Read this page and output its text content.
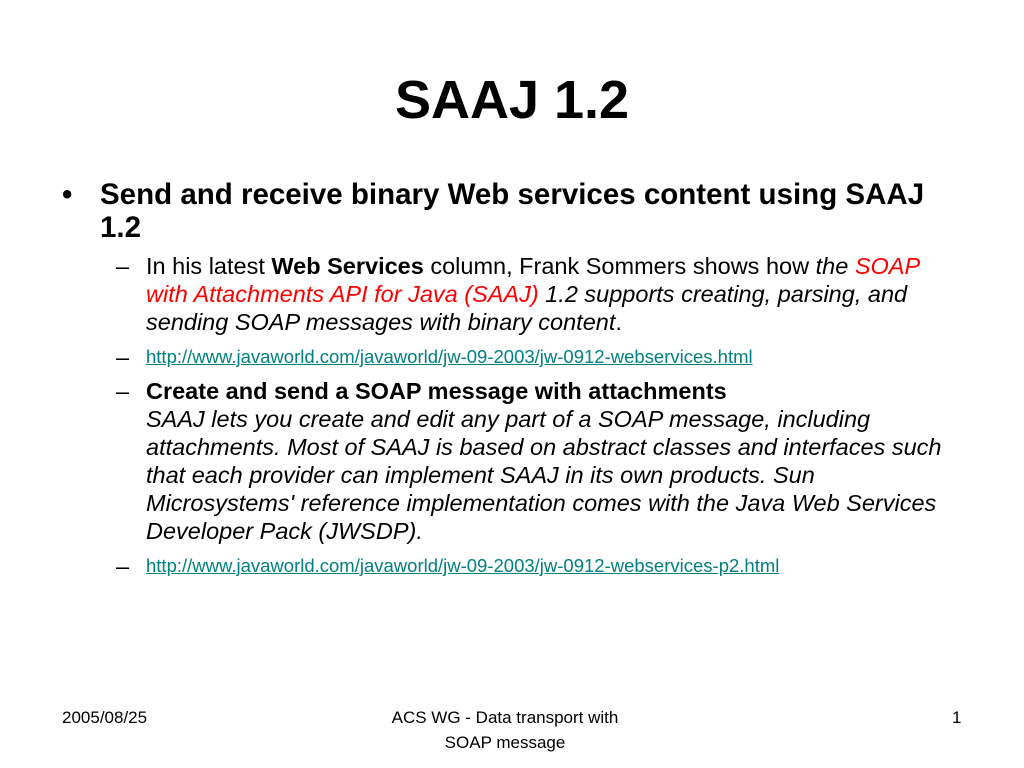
SAAJ 1.2
• Send and receive binary Web services content using SAAJ 1.2
– In his latest Web Services column, Frank Sommers shows how the SOAP with Attachments API for Java (SAAJ) 1.2 supports creating, parsing, and sending SOAP messages with binary content.
– http://www.javaworld.com/javaworld/jw-09-2003/jw-0912-webservices.html
– Create and send a SOAP message with attachments
SAAJ lets you create and edit any part of a SOAP message, including attachments. Most of SAAJ is based on abstract classes and interfaces such that each provider can implement SAAJ in its own products. Sun Microsystems' reference implementation comes with the Java Web Services Developer Pack (JWSDP).
– http://www.javaworld.com/javaworld/jw-09-2003/jw-0912-webservices-p2.html
2005/08/25	ACS WG - Data transport with
SOAP message
1
